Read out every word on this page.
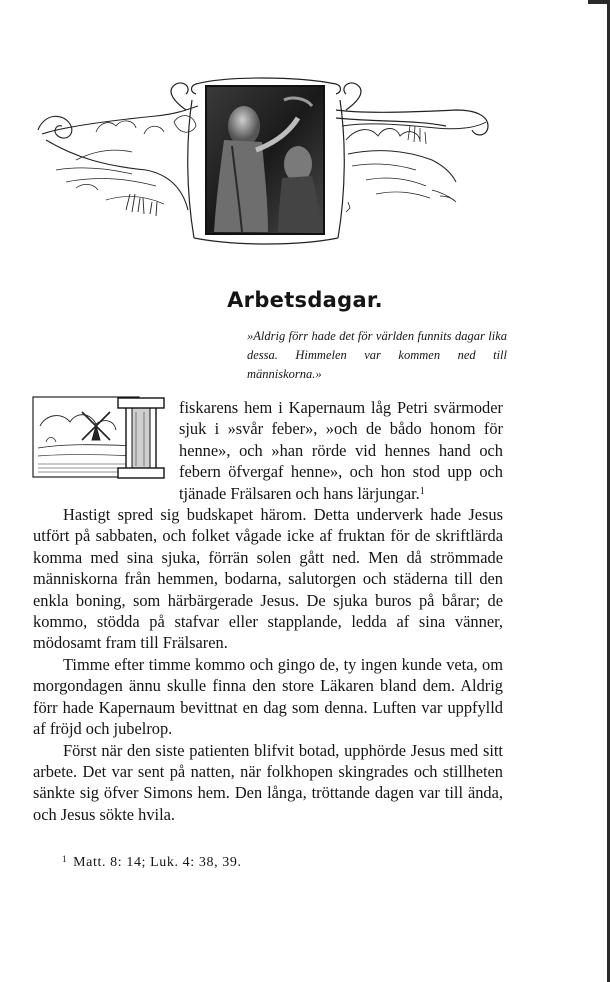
Arbetsdagar.
»Aldrig förr hade det för världen funnits dagar lika dessa. Himmelen var kommen ned till människorna.»

fiskarens hem i Kapernaum låg Petri svärmoder sjuk i »svår feber», »och de bådo honom för henne», och »han rörde vid hennes hand och febern öfvergaf henne», och hon stod upp och tjänade Frälsaren och hans lärjungar.$^1$

Hastigt spred sig budskapet härom. Detta underverk hade Jesus utfört på sabbaten, och folket vågade icke af fruktan för de skriftlärda komma med sina sjuka, förrän solen gått ned. Men då strömmade människorna från hemmen, bodarna, salutorgen och städerna till den enkla boning, som härbärgerade Jesus. De sjuka buros på bårar; de kommo, stödda på stafvar eller stapplande, ledda af sina vänner, mödosamt fram till Frälsaren.

Timme efter timme kommo och gingo de, ty ingen kunde veta, om morgondagen ännu skulle finna den store Läkaren bland dem. Aldrig förr hade Kapernaum bevittnat en dag som denna. Luften var uppfylld af fröjd och jubelrop.

Först när den siste patienten blifvit botad, upphörde Jesus med sitt arbete. Det var sent på natten, när folkhopen skingrades och stillheten sänkte sig öfver Simons hem. Den långa, tröttande dagen var till ända, och Jesus sökte hvila.

$^1$ Matt. 8: 14; Luk. 4: 38, 39.
